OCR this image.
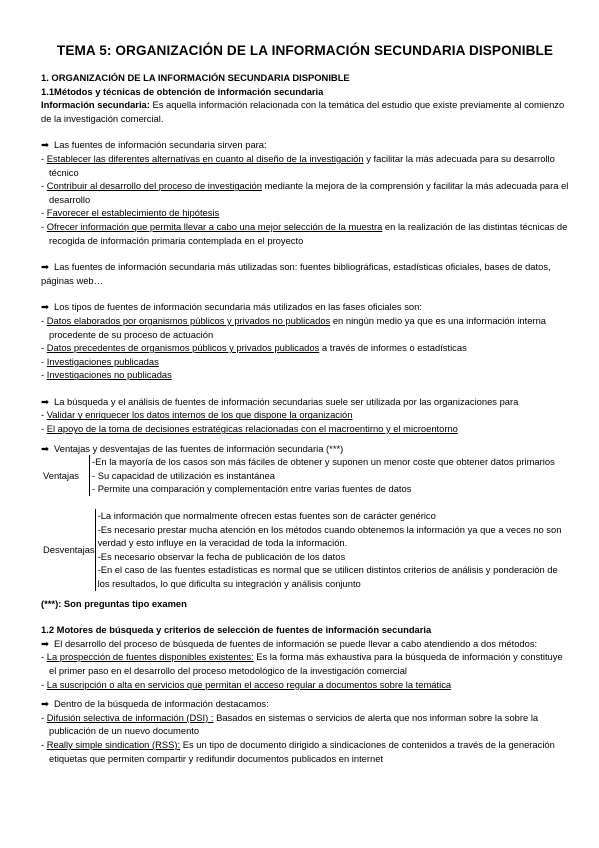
TEMA 5: ORGANIZACIÓN DE LA INFORMACIÓN SECUNDARIA DISPONIBLE
1. ORGANIZACIÓN DE LA INFORMACIÓN SECUNDARIA DISPONIBLE
1.1Métodos y técnicas de obtención de información secundaria
Información secundaria: Es aquella información relacionada con la temática del estudio que existe previamente al comienzo de la investigación comercial.
➡ Las fuentes de información secundaria sirven para:
- Establecer las diferentes alternativas en cuanto al diseño de la investigación y facilitar la más adecuada para su desarrollo técnico
- Contribuir al desarrollo del proceso de investigación mediante la mejora de la comprensión y facilitar la más adecuada para el desarrollo
- Favorecer el establecimiento de hipótesis
- Ofrecer información que permita llevar a cabo una mejor selección de la muestra en la realización de las distintas técnicas de recogida de información primaria contemplada en el proyecto
➡ Las fuentes de información secundaria más utilizadas son: fuentes bibliográficas, estadísticas oficiales, bases de datos, páginas web…
➡ Los tipos de fuentes de información secundaria más utilizados en las fases oficiales son:
- Datos elaborados por organismos públicos y privados no publicados en ningún medio ya que es una información interna procedente de su proceso de actuación
- Datos precedentes de organismos públicos y privados publicados a través de informes o estadísticas
- Investigaciones publicadas
- Investigaciones no publicadas
➡ La búsqueda y el análisis de fuentes de información secundarias suele ser utilizada por las organizaciones para
- Validar y enriquecer los datos internos de los que dispone la organización
- El apoyo de la toma de decisiones estratégicas relacionadas con el macroentirno y el microentorno
➡ Ventajas y desventajas de las fuentes de información secundaria (***)
Ventajas
-En la mayoría de los casos son más fáciles de obtener y suponen un menor coste que obtener datos primarios
- Su capacidad de utilización es instantánea
- Permite una comparación y complementación entre varias fuentes de datos
Desventajas
-La información que normalmente ofrecen estas fuentes son de carácter genérico
-Es necesario prestar mucha atención en los métodos cuando obtenemos la información ya que a veces no son verdad y esto influye en la veracidad de toda la información.
-Es necesario observar la fecha de publicación de los datos
-En el caso de las fuentes estadísticas es normal que se utilicen distintos criterios de análisis y ponderación de los resultados, lo que dificulta su integración y análisis conjunto
(***): Son preguntas tipo examen
1.2 Motores de búsqueda y criterios de selección de fuentes de información secundaria
➡ El desarrollo del proceso de búsqueda de fuentes de información se puede llevar a cabo atendiendo a dos métodos:
- La prospección de fuentes disponibles existentes: Es la forma más exhaustiva para la búsqueda de información y constituye el primer paso en el desarrollo del proceso metodológico de la investigación comercial
- La suscripción o alta en servicios que permitan el acceso regular a documentos sobre la temática
➡ Dentro de la búsqueda de información destacamos:
- Difusión selectiva de información (DSI) : Basados en sistemas o servicios de alerta que nos informan sobre la sobre la publicación de un nuevo documento
- Really simple sindication (RSS): Es un tipo de documento dirigido a sindicaciones de contenidos a través de la generación etiquetas que permiten compartir y redifundir documentos publicados en internet
